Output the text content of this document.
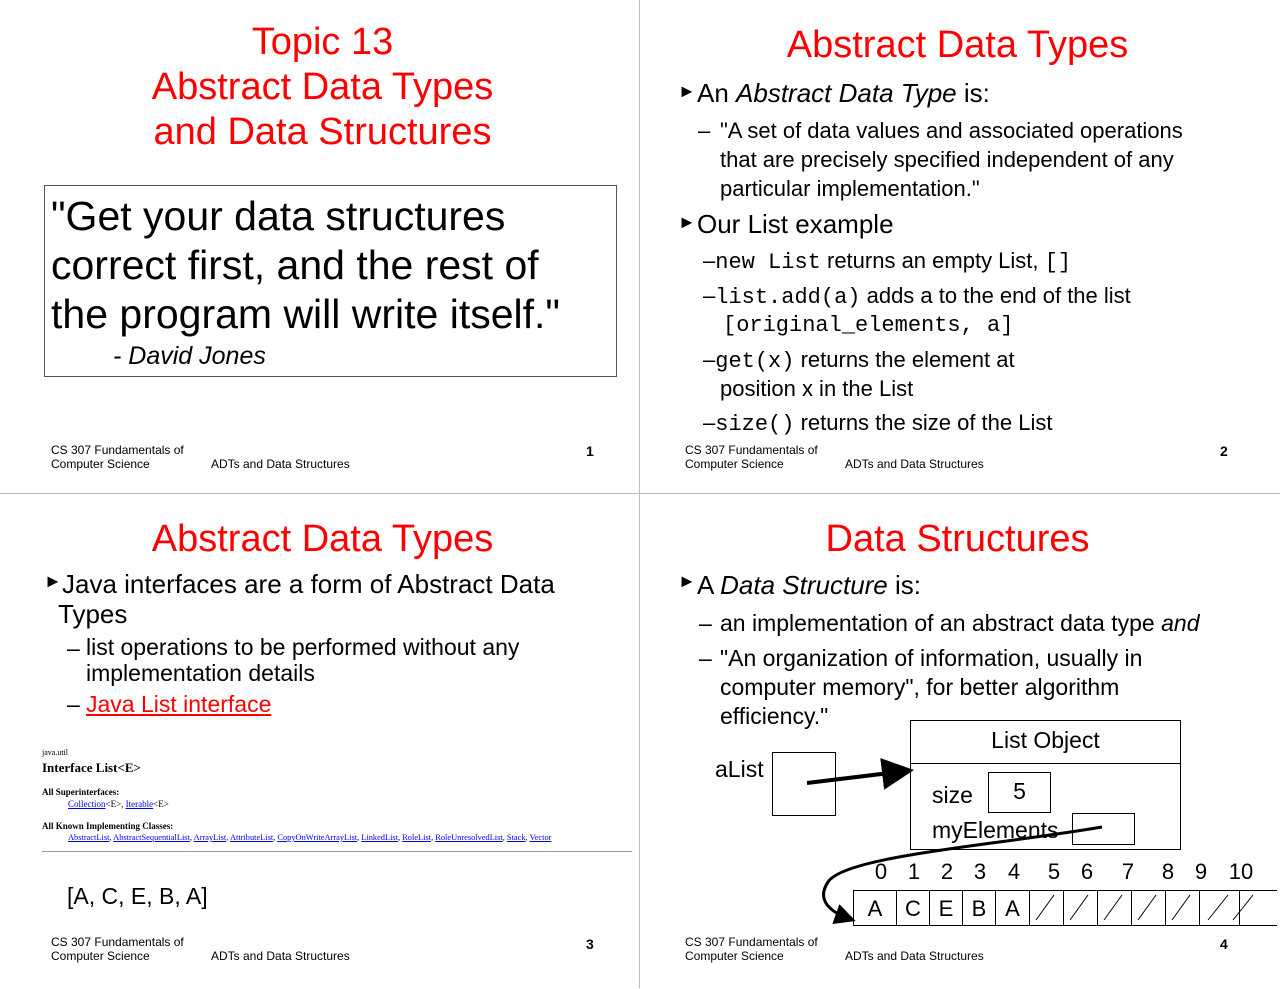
Topic 13
Abstract Data Types
and Data Structures
"Get your data structures
correct first, and the rest of
the program will write itself."
- David Jones
CS 307 Fundamentals of
Computer Science	ADTs and Data Structures
1
Abstract Data Types
► An Abstract Data Type is:
– "A set of data values and associated operations
that are precisely specified independent of any
particular implementation."
► Our List example
–new List returns an empty List, []
–list.add(a) adds a to the end of the list
[original_elements, a]
–get(x) returns the element at
position x in the List
–size() returns the size of the List
CS 307 Fundamentals of
Computer Science	ADTs and Data Structures
2
Abstract Data Types
► Java interfaces are a form of Abstract Data
Types
– list operations to be performed without any
implementation details
– Java List interface
java.util
Interface List<E>
All Superinterfaces:
Collection<E>, Iterable<E>
All Known Implementing Classes:
AbstractList, AbstractSequentialList, ArrayList, AttributeList, CopyOnWriteArrayList, LinkedList, RoleList, RoleUnresolvedList, Stack, Vector
[A, C, E, B, A]
CS 307 Fundamentals of
Computer Science	ADTs and Data Structures
3
Data Structures
► A Data Structure is:
– an implementation of an abstract data type and
– "An organization of information, usually in
computer memory", for better algorithm
efficiency."
aList
List Object
size	5
myElements
0 1 2 3 4	5 6	7	8 9 10
A	C E B A
CS 307 Fundamentals of
Computer Science	ADTs and Data Structures
4
